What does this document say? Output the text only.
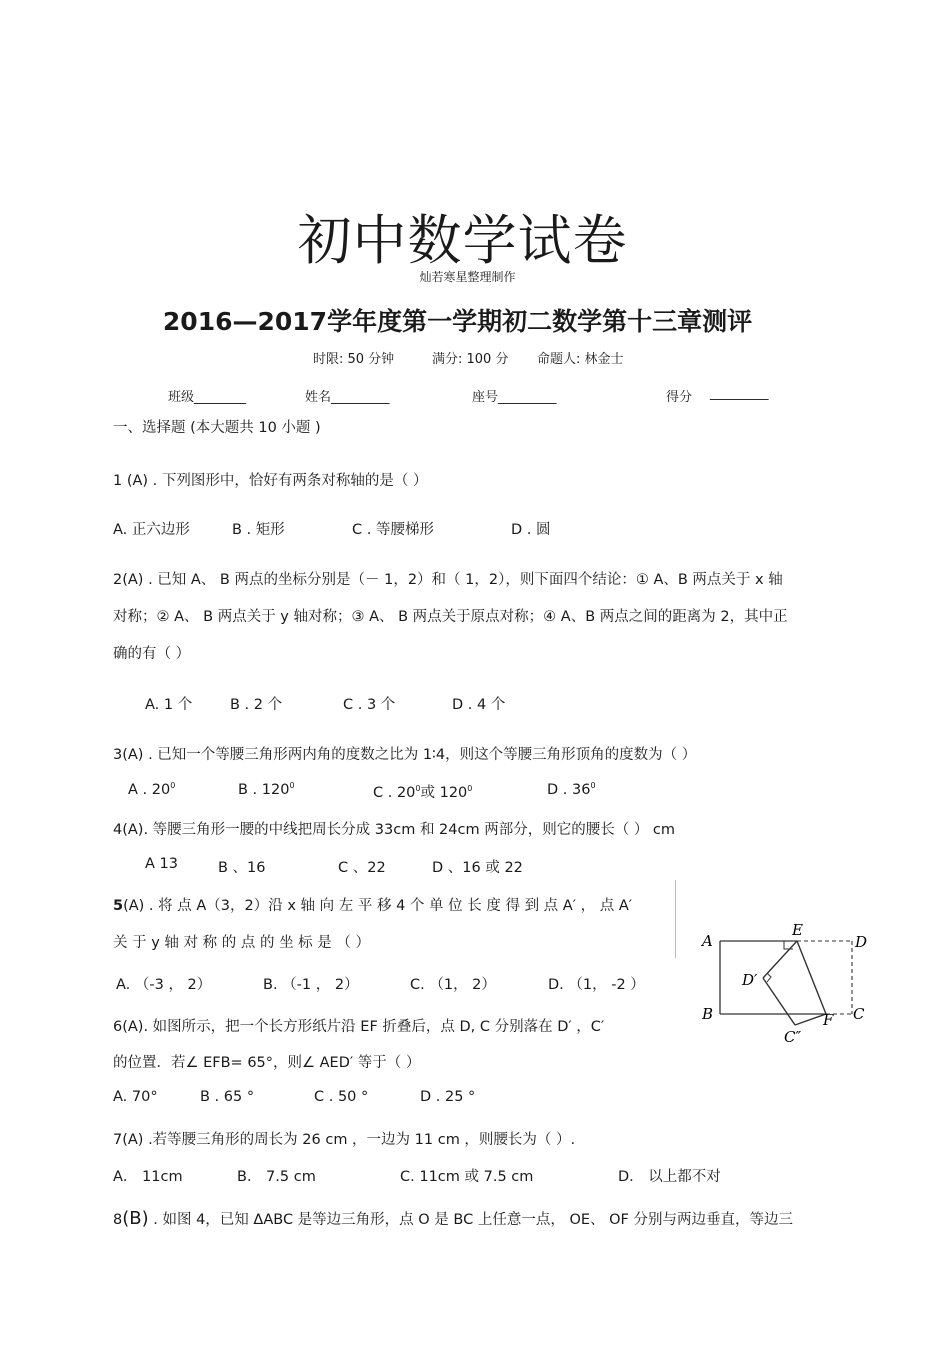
初中数学试卷
灿若寒星整理制作
2016—2017学年度第一学期初二数学第十三章测评
时限: 50 分钟	满分: 100 分 命题人: 林金士
班级________	姓名_________	座号_________	得分 _________
一、选择题 (本大题共 10 小题 )
1 (A) . 下列图形中，恰好有两条对称轴的是（ ）
A. 正六边形	B . 矩形	C . 等腰梯形	D . 圆
2(A) . 已知 A、 B 两点的坐标分别是（－ 1，2）和（ 1，2），则下面四个结论：① A、B 两点关于 x 轴
对称；② A、 B 两点关于 y 轴对称；③ A、 B 两点关于原点对称；④ A、B 两点之间的距离为 2，其中正
确的有（ ）
A. 1 个	B . 2 个	C . 3 个	D . 4 个
3(A) . 已知一个等腰三角形两内角的度数之比为 1∶4，则这个等腰三角形顶角的度数为（ ）
A . $20^0$	B . $120^0$	C . $20^0$或 $120^0$	D . $36^0$
4(A). 等腰三角形一腰的中线把周长分成 33cm 和 24cm 两部分，则它的腰长（ ） cm
A 13	B 、16	C 、22	D 、16 或 22
5(A) . 将 点 A（3，2）沿 x 轴 向 左 平 移 4 个 单 位 长 度 得 到 点 A′ ， 点 A′
关 于 y 轴 对 称 的 点 的 坐 标 是 （ ）
A. （-3 ， 2）	B. （-1 ， 2）	C. （1， 2）	D. （1， -2 ）
A
E
D
D′
B
C″
F C
6(A). 如图所示，把一个长方形纸片沿 EF 折叠后，点 D, C 分别落在 D′ ，C′
的位置．若∠ EFB= 65°，则∠ AED′ 等于（ ）
A. 70°	B . 65 °	C . 50 °	D . 25 °
7(A) .若等腰三角形的周长为 26 cm ，一边为 11 cm ，则腰长为（ ）.
A． 11cm	B． 7.5 cm	C. 11cm 或 7.5 cm	D． 以上都不对
8(B) . 如图 4，已知 ΔABC 是等边三角形，点 O 是 BC 上任意一点， OE、 OF 分别与两边垂直，等边三
